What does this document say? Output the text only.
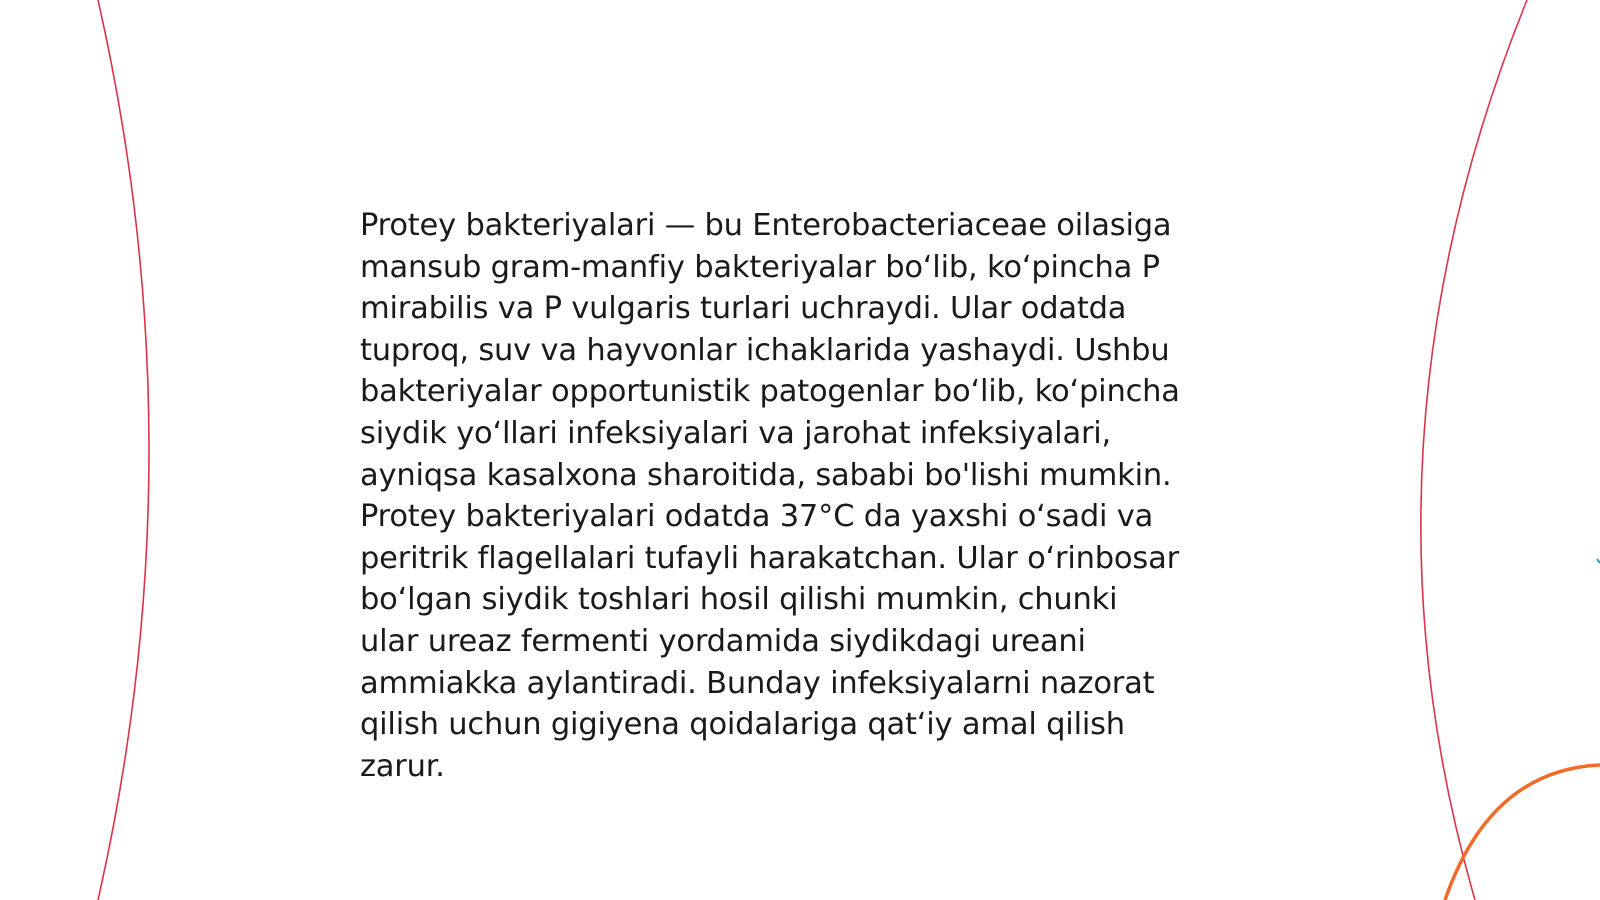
Protey bakteriyalari — bu Enterobacteriaceae oilasiga
mansub gram-manfiy bakteriyalar bo‘lib, ko‘pincha P
mirabilis va P vulgaris turlari uchraydi. Ular odatda
tuproq, suv va hayvonlar ichaklarida yashaydi. Ushbu
bakteriyalar opportunistik patogenlar bo‘lib, ko‘pincha
siydik yo‘llari infeksiyalari va jarohat infeksiyalari,
ayniqsa kasalxona sharoitida, sababi bo'lishi mumkin.
Protey bakteriyalari odatda 37°C da yaxshi o‘sadi va
peritrik flagellalari tufayli harakatchan. Ular o‘rinbosar
bo‘lgan siydik toshlari hosil qilishi mumkin, chunki
ular ureaz fermenti yordamida siydikdagi ureani
ammiakka aylantiradi. Bunday infeksiyalarni nazorat
qilish uchun gigiyena qoidalariga qat‘iy amal qilish
zarur.
